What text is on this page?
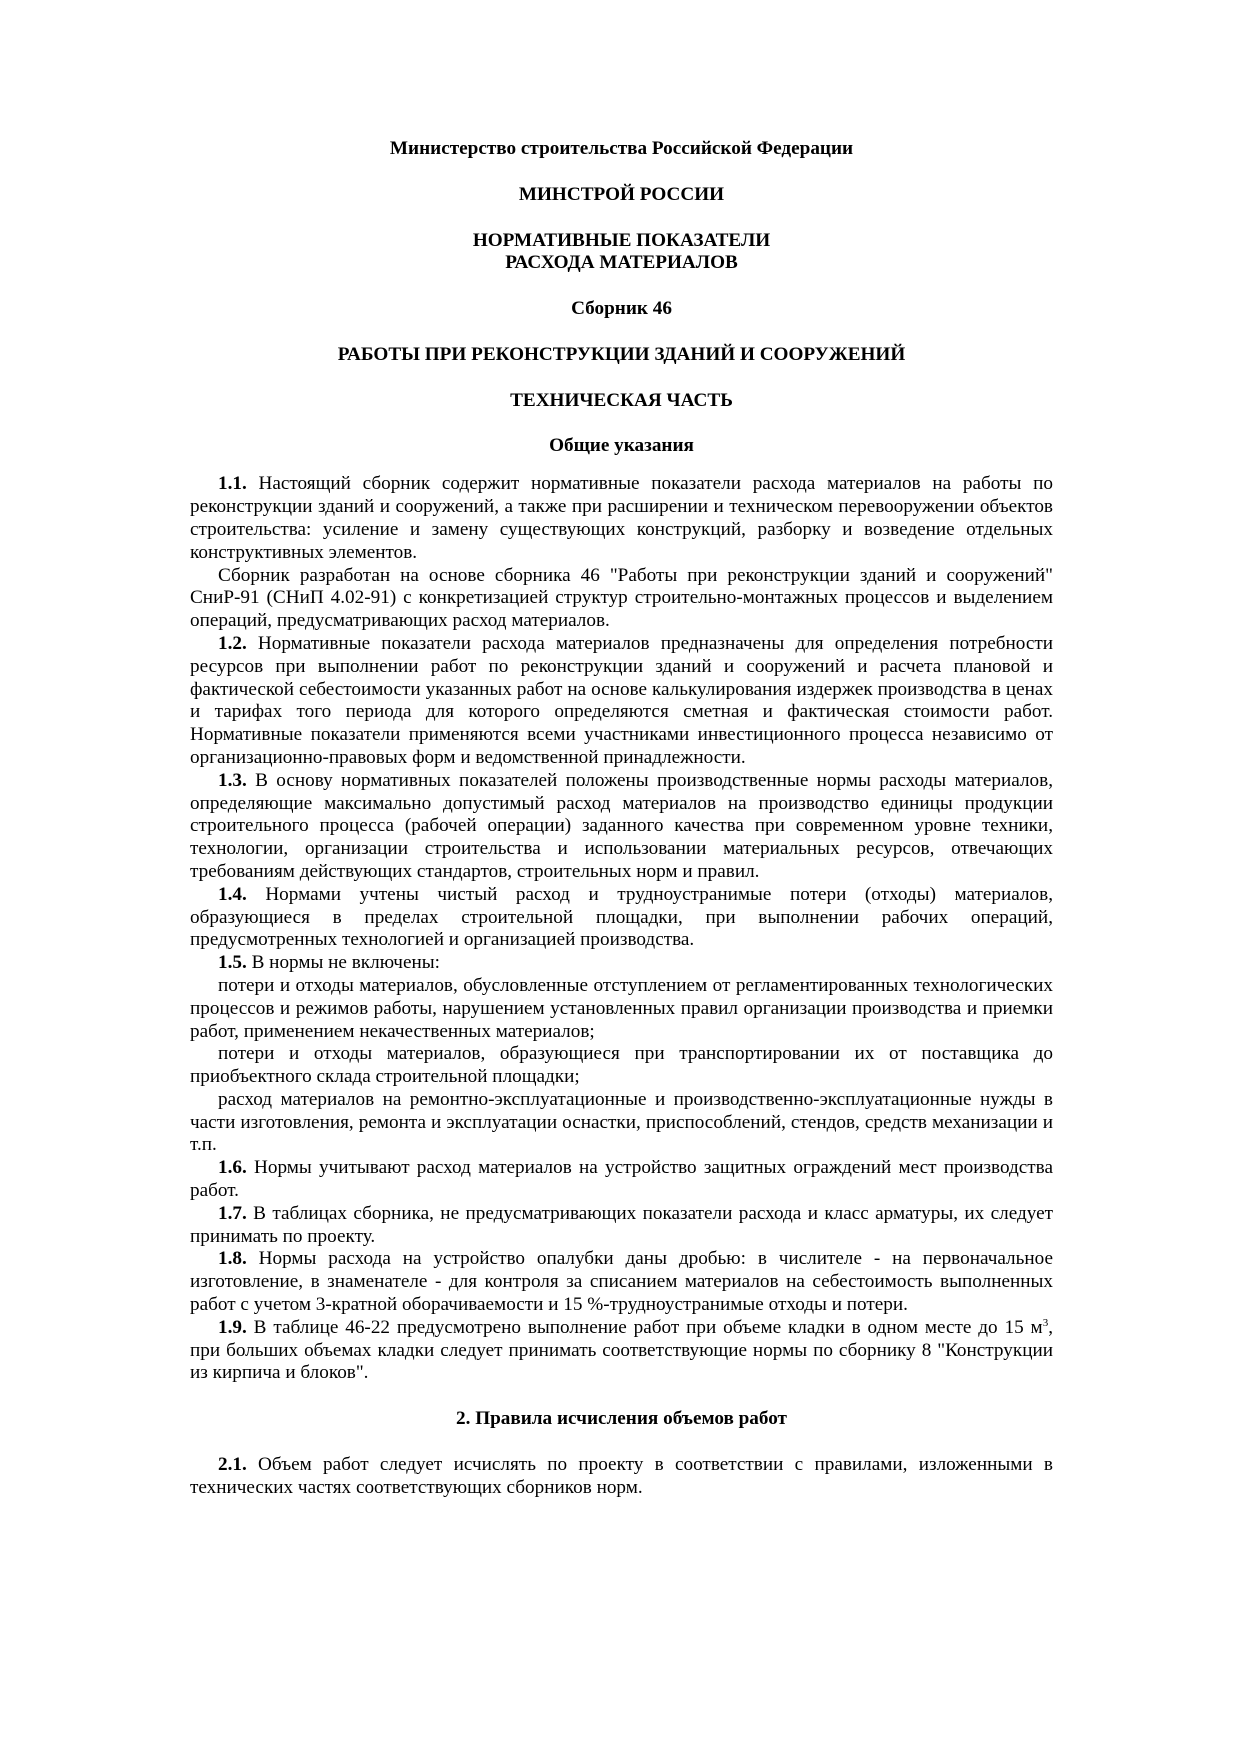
Министерство строительства Российской Федерации

МИНСТРОЙ РОССИИ

НОРМАТИВНЫЕ ПОКАЗАТЕЛИ
РАСХОДА МАТЕРИАЛОВ

Сборник 46

РАБОТЫ ПРИ РЕКОНСТРУКЦИИ ЗДАНИЙ И СООРУЖЕНИЙ

ТЕХНИЧЕСКАЯ ЧАСТЬ

Общие указания

1.1. Настоящий сборник содержит нормативные показатели расхода материалов на работы по реконструкции зданий и сооружений, а также при расширении и техническом перевооружении объектов строительства: усиление и замену существующих конструкций, разборку и возведение отдельных конструктивных элементов.

Сборник разработан на основе сборника 46 "Работы при реконструкции зданий и сооружений" СниР-91 (СНиП 4.02-91) с конкретизацией структур строительно-монтажных процессов и выделением операций, предусматривающих расход материалов.

1.2. Нормативные показатели расхода материалов предназначены для определения потребности ресурсов при выполнении работ по реконструкции зданий и сооружений и расчета плановой и фактической себестоимости указанных работ на основе калькулирования издержек производства в ценах и тарифах того периода для которого определяются сметная и фактическая стоимости работ. Нормативные показатели применяются всеми участниками инвестиционного процесса независимо от организационно-правовых форм и ведомственной принадлежности.

1.3. В основу нормативных показателей положены производственные нормы расходы материалов, определяющие максимально допустимый расход материалов на производство единицы продукции строительного процесса (рабочей операции) заданного качества при современном уровне техники, технологии, организации строительства и использовании материальных ресурсов, отвечающих требованиям действующих стандартов, строительных норм и правил.

1.4. Нормами учтены чистый расход и трудноустранимые потери (отходы) материалов, образующиеся в пределах строительной площадки, при выполнении рабочих операций, предусмотренных технологией и организацией производства.

1.5. В нормы не включены:

потери и отходы материалов, обусловленные отступлением от регламентированных технологических процессов и режимов работы, нарушением установленных правил организации производства и приемки работ, применением некачественных материалов;

потери и отходы материалов, образующиеся при транспортировании их от поставщика до приобъектного склада строительной площадки;

расход материалов на ремонтно-эксплуатационные и производственно-эксплуатационные нужды в части изготовления, ремонта и эксплуатации оснастки, приспособлений, стендов, средств механизации и т.п.

1.6. Нормы учитывают расход материалов на устройство защитных ограждений мест производства работ.

1.7. В таблицах сборника, не предусматривающих показатели расхода и класс арматуры, их следует принимать по проекту.

1.8. Нормы расхода на устройство опалубки даны дробью: в числителе - на первоначальное изготовление, в знаменателе - для контроля за списанием материалов на себестоимость выполненных работ с учетом 3-кратной оборачиваемости и 15 %-трудноустранимые отходы и потери.

1.9. В таблице 46-22 предусмотрено выполнение работ при объеме кладки в одном месте до 15 $м^3$, при больших объемах кладки следует принимать соответствующие нормы по сборнику 8 "Конструкции из кирпича и блоков".

2. Правила исчисления объемов работ

2.1. Объем работ следует исчислять по проекту в соответствии с правилами, изложенными в технических частях соответствующих сборников норм.
